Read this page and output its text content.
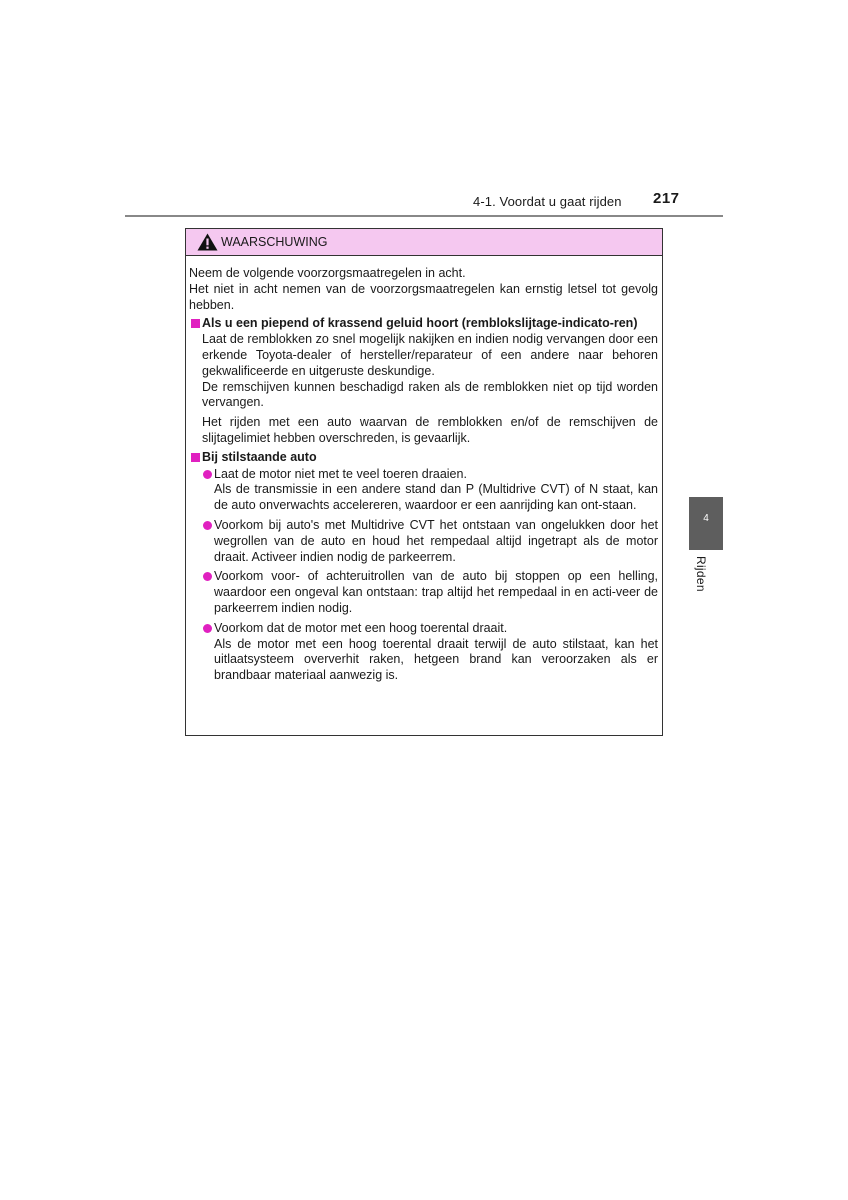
4-1. Voordat u gaat rijden 217
4
Rijden
WAARSCHUWING

Neem de volgende voorzorgsmaatregelen in acht.

Het niet in acht nemen van de voorzorgsmaatregelen kan ernstig letsel tot gevolg hebben.

Als u een piepend of krassend geluid hoort (remblokslijtage-indicato-ren)

Laat de remblokken zo snel mogelijk nakijken en indien nodig vervangen door een erkende Toyota-dealer of hersteller/reparateur of een andere naar behoren gekwalificeerde en uitgeruste deskundige.

De remschijven kunnen beschadigd raken als de remblokken niet op tijd worden vervangen.

Het rijden met een auto waarvan de remblokken en/of de remschijven de slijtagelimiet hebben overschreden, is gevaarlijk.

Bij stilstaande auto

Laat de motor niet met te veel toeren draaien.
Als de transmissie in een andere stand dan P (Multidrive CVT) of N staat, kan de auto onverwachts accelereren, waardoor er een aanrijding kan ont-staan.

Voorkom bij auto's met Multidrive CVT het ontstaan van ongelukken door het wegrollen van de auto en houd het rempedaal altijd ingetrapt als de motor draait. Activeer indien nodig de parkeerrem.

Voorkom voor- of achteruitrollen van de auto bij stoppen op een helling, waardoor een ongeval kan ontstaan: trap altijd het rempedaal in en acti-veer de parkeerrem indien nodig.

Voorkom dat de motor met een hoog toerental draait.
Als de motor met een hoog toerental draait terwijl de auto stilstaat, kan het uitlaatsysteem oververhit raken, hetgeen brand kan veroorzaken als er brandbaar materiaal aanwezig is.
